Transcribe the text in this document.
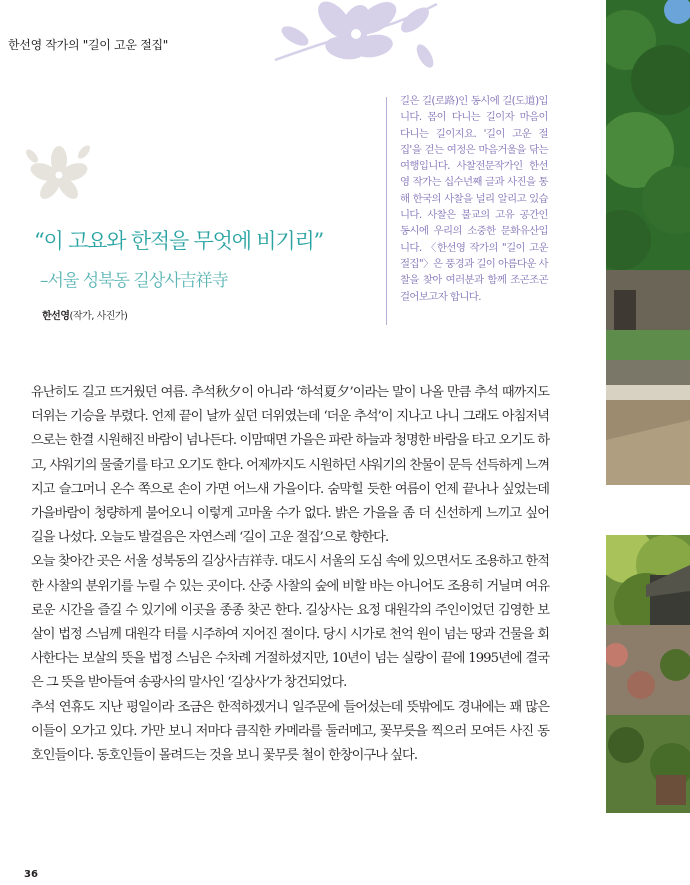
한선영 작가의 "길이 고운 절집"

길은 길(로路)인 동시에 길(도道)입니다. 몸이 다니는 길이자 마음이 다니는 길이지요. '길이 고운 절집'을 걷는 여정은 마음거울을 닦는 여행입니다. 사찰전문작가인 한선영 작가는 십수년째 글과 사진을 통해 한국의 사찰을 널리 알리고 있습니다. 사찰은 불교의 고유 공간인 동시에 우리의 소중한 문화유산입니다. 〈한선영 작가의 "길이 고운 절집"〉은 풍경과 길이 아름다운 사찰을 찾아 여러분과 함께 조곤조곤 걸어보고자 합니다.

“이 고요와 한적을 무엇에 비기리”
–서울 성북동 길상사吉祥寺
한선영(작가, 사진가)

유난히도 길고 뜨거웠던 여름. 추석秋夕이 아니라 ‘하석夏夕’이라는 말이 나올 만큼 추석 때까지도 더위는 기승을 부렸다. 언제 끝이 날까 싶던 더위였는데 ‘더운 추석’이 지나고 나니 그래도 아침저녁으로는 한결 시원해진 바람이 넘나든다. 이맘때면 가을은 파란 하늘과 청명한 바람을 타고 오기도 하고, 샤워기의 물줄기를 타고 오기도 한다. 어제까지도 시원하던 샤워기의 찬물이 문득 선득하게 느껴지고 슬그머니 온수 쪽으로 손이 가면 어느새 가을이다. 숨막힐 듯한 여름이 언제 끝나나 싶었는데 가을바람이 청량하게 불어오니 이렇게 고마울 수가 없다. 밝은 가을을 좀 더 신선하게 느끼고 싶어 길을 나섰다. 오늘도 발걸음은 자연스레 ‘길이 고운 절집’으로 향한다.

오늘 찾아간 곳은 서울 성북동의 길상사吉祥寺. 대도시 서울의 도심 속에 있으면서도 조용하고 한적한 사찰의 분위기를 누릴 수 있는 곳이다. 산중 사찰의 숲에 비할 바는 아니어도 조용히 거닐며 여유로운 시간을 즐길 수 있기에 이곳을 종종 찾곤 한다. 길상사는 요정 대원각의 주인이었던 김영한 보살이 법정 스님께 대원각 터를 시주하여 지어진 절이다. 당시 시가로 천억 원이 넘는 땅과 건물을 회사한다는 보살의 뜻을 법정 스님은 수차례 거절하셨지만, 10년이 넘는 실랑이 끝에 1995년에 결국은 그 뜻을 받아들여 송광사의 말사인 ‘길상사’가 창건되었다.

추석 연휴도 지난 평일이라 조금은 한적하겠거니 일주문에 들어섰는데 뜻밖에도 경내에는 꽤 많은 이들이 오가고 있다. 가만 보니 저마다 큼직한 카메라를 둘러메고, 꽃무릇을 찍으러 모여든 사진 동호인들이다. 동호인들이 몰려드는 것을 보니 꽃무릇 철이 한창이구나 싶다.

36
